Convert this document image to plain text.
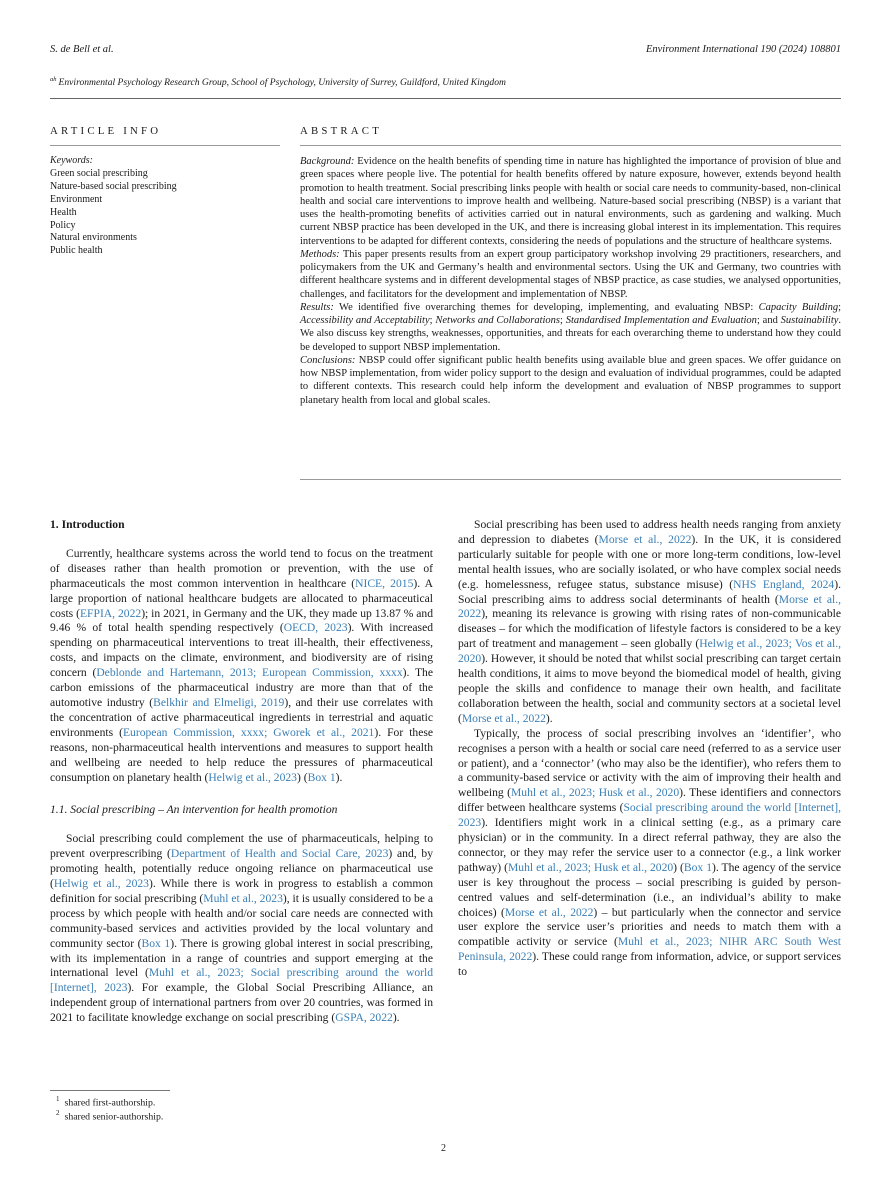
S. de Bell et al.	Environment International 190 (2024) 108801
$^{ah}$ Environmental Psychology Research Group, School of Psychology, University of Surrey, Guildford, United Kingdom
ARTICLE INFO	ABSTRACT
Keywords:
Green social prescribing
Nature-based social prescribing
Environment
Health
Policy
Natural environments
Public health

Background: Evidence on the health benefits of spending time in nature has highlighted the importance of provision of blue and green spaces where people live. The potential for health benefits offered by nature exposure, however, extends beyond health promotion to health treatment. Social prescribing links people with health or social care needs to community-based, non-clinical health and social care interventions to improve health and wellbeing. Nature-based social prescribing (NBSP) is a variant that uses the health-promoting benefits of activities carried out in natural environments, such as gardening and walking. Much current NBSP practice has been developed in the UK, and there is increasing global interest in its implementation. This requires interventions to be adapted for different contexts, considering the needs of populations and the structure of healthcare systems.

Methods: This paper presents results from an expert group participatory workshop involving 29 practitioners, researchers, and policymakers from the UK and Germany’s health and environmental sectors. Using the UK and Germany, two countries with different healthcare systems and in different developmental stages of NBSP practice, as case studies, we analysed opportunities, challenges, and facilitators for the development and implementation of NBSP.

Results: We identified five overarching themes for developing, implementing, and evaluating NBSP: Capacity Building; Accessibility and Acceptability; Networks and Collaborations; Standardised Implementation and Evaluation; and Sustainability. We also discuss key strengths, weaknesses, opportunities, and threats for each overarching theme to understand how they could be developed to support NBSP implementation.

Conclusions: NBSP could offer significant public health benefits using available blue and green spaces. We offer guidance on how NBSP implementation, from wider policy support to the design and evaluation of individual programmes, could be adapted to different contexts. This research could help inform the development and evaluation of NBSP programmes to support planetary health from local and global scales.

1. Introduction

Currently, healthcare systems across the world tend to focus on the treatment of diseases rather than health promotion or prevention, with the use of pharmaceuticals the most common intervention in healthcare (NICE, 2015). A large proportion of national healthcare budgets are allocated to pharmaceutical costs (EFPIA, 2022); in 2021, in Germany and the UK, they made up 13.87 % and 9.46 % of total health spending respectively (OECD, 2023). With increased spending on pharmaceutical interventions to treat ill-health, their effectiveness, costs, and impacts on the climate, environment, and biodiversity are of rising concern (Deblonde and Hartemann, 2013; European Commission, xxxx). The carbon emissions of the pharmaceutical industry are more than that of the automotive industry (Belkhir and Elmeligi, 2019), and their use correlates with the concentration of active pharmaceutical ingredients in terrestrial and aquatic environments (European Commission, xxxx; Gworek et al., 2021). For these reasons, non-pharmaceutical health interventions and measures to support health and wellbeing are needed to help reduce the pressures of pharmaceutical consumption on planetary health (Helwig et al., 2023) (Box 1).

1.1. Social prescribing – An intervention for health promotion

Social prescribing could complement the use of pharmaceuticals, helping to prevent overprescribing (Department of Health and Social Care, 2023) and, by promoting health, potentially reduce ongoing reliance on pharmaceutical use (Helwig et al., 2023). While there is work in progress to establish a common definition for social prescribing (Muhl et al., 2023), it is usually considered to be a process by which people with health and/or social care needs are connected with community-based services and activities provided by the local voluntary and community sector (Box 1). There is growing global interest in social prescribing, with its implementation in a range of countries and support emerging at the international level (Muhl et al., 2023; Social prescribing around the world [Internet], 2023). For example, the Global Social Prescribing Alliance, an independent group of international partners from over 20 countries, was formed in 2021 to facilitate knowledge exchange on social prescribing (GSPA, 2022).

Social prescribing has been used to address health needs ranging from anxiety and depression to diabetes (Morse et al., 2022). In the UK, it is considered particularly suitable for people with one or more long-term conditions, low-level mental health issues, who are socially isolated, or who have complex social needs (e.g. homelessness, refugee status, substance misuse) (NHS England, 2024). Social prescribing aims to address social determinants of health (Morse et al., 2022), meaning its relevance is growing with rising rates of non-communicable diseases – for which the modification of lifestyle factors is considered to be a key part of treatment and management – seen globally (Helwig et al., 2023; Vos et al., 2020). However, it should be noted that whilst social prescribing can target certain health conditions, it aims to move beyond the biomedical model of health, giving people the skills and confidence to manage their own health, and facilitate collaboration between the health, social and community sectors at a societal level (Morse et al., 2022).

Typically, the process of social prescribing involves an ‘identifier’, who recognises a person with a health or social care need (referred to as a service user or patient), and a ‘connector’ (who may also be the identifier), who refers them to a community-based service or activity with the aim of improving their health and wellbeing (Muhl et al., 2023; Husk et al., 2020). These identifiers and connectors differ between healthcare systems (Social prescribing around the world [Internet], 2023). Identifiers might work in a clinical setting (e.g., as a primary care physician) or in the community. In a direct referral pathway, they are also the connector, or they may refer the service user to a connector (e.g., a link worker pathway) (Muhl et al., 2023; Husk et al., 2020) (Box 1). The agency of the service user is key throughout the process – social prescribing is guided by person-centred values and self-determination (i.e., an individual’s ability to make choices) (Morse et al., 2022) – but particularly when the connector and service user explore the service user’s priorities and needs to match them with a compatible activity or service (Muhl et al., 2023; NIHR ARC South West Peninsula, 2022). These could range from information, advice, or support services to

$^1$ shared first-authorship.
$^2$ shared senior-authorship.
2
